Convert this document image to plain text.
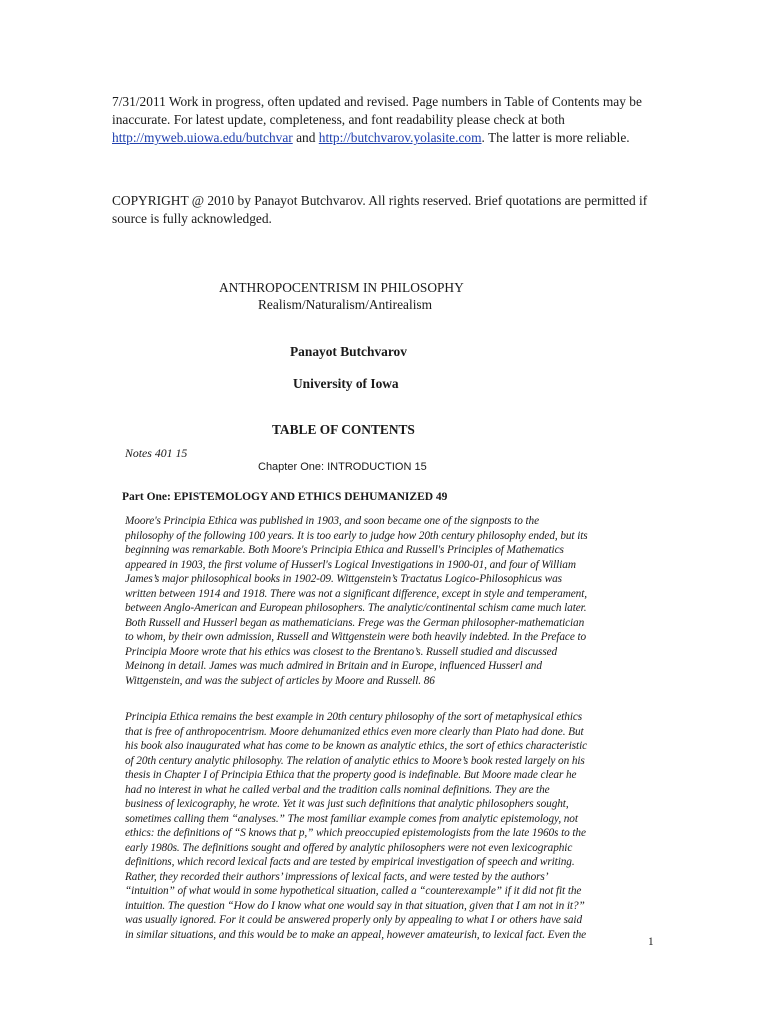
7/31/2011 Work in progress, often updated and revised. Page numbers in Table of Contents may be inaccurate. For latest update, completeness, and font readability please check at both http://myweb.uiowa.edu/butchvar and http://butchvarov.yolasite.com. The latter is more reliable.

COPYRIGHT @ 2010 by Panayot Butchvarov. All rights reserved. Brief quotations are permitted if source is fully acknowledged.

ANTHROPOCENTRISM IN PHILOSOPHY
Realism/Naturalism/Antirealism
Panayot Butchvarov
University of Iowa
TABLE OF CONTENTS
Notes 401 15
Chapter One: INTRODUCTION 15
Part One: EPISTEMOLOGY AND ETHICS DEHUMANIZED 49
Moore's Principia Ethica was published in 1903, and soon became one of the signposts to the
philosophy of the following 100 years. It is too early to judge how 20th century philosophy ended, but its
beginning was remarkable. Both Moore's Principia Ethica and Russell's Principles of Mathematics
appeared in 1903, the first volume of Husserl's Logical Investigations in 1900-01, and four of William
James’s major philosophical books in 1902-09. Wittgenstein’s Tractatus Logico-Philosophicus was
written between 1914 and 1918. There was not a significant difference, except in style and temperament,
between Anglo-American and European philosophers. The analytic/continental schism came much later.
Both Russell and Husserl began as mathematicians. Frege was the German philosopher-mathematician
to whom, by their own admission, Russell and Wittgenstein were both heavily indebted. In the Preface to
Principia Moore wrote that his ethics was closest to the Brentano’s. Russell studied and discussed
Meinong in detail. James was much admired in Britain and in Europe, influenced Husserl and
Wittgenstein, and was the subject of articles by Moore and Russell. 86
Principia Ethica remains the best example in 20th century philosophy of the sort of metaphysical ethics
that is free of anthropocentrism. Moore dehumanized ethics even more clearly than Plato had done. But
his book also inaugurated what has come to be known as analytic ethics, the sort of ethics characteristic
of 20th century analytic philosophy. The relation of analytic ethics to Moore’s book rested largely on his
thesis in Chapter I of Principia Ethica that the property good is indefinable. But Moore made clear he
had no interest in what he called verbal and the tradition calls nominal definitions. They are the
business of lexicography, he wrote. Yet it was just such definitions that analytic philosophers sought,
sometimes calling them “analyses.” The most familiar example comes from analytic epistemology, not
ethics: the definitions of “S knows that p,” which preoccupied epistemologists from the late 1960s to the
early 1980s. The definitions sought and offered by analytic philosophers were not even lexicographic
definitions, which record lexical facts and are tested by empirical investigation of speech and writing.
Rather, they recorded their authors’ impressions of lexical facts, and were tested by the authors’
“intuition” of what would in some hypothetical situation, called a “counterexample” if it did not fit the
intuition. The question “How do I know what one would say in that situation, given that I am not in it?”
was usually ignored. For it could be answered properly only by appealing to what I or others have said
in similar situations, and this would be to make an appeal, however amateurish, to lexical fact. Even the
1
